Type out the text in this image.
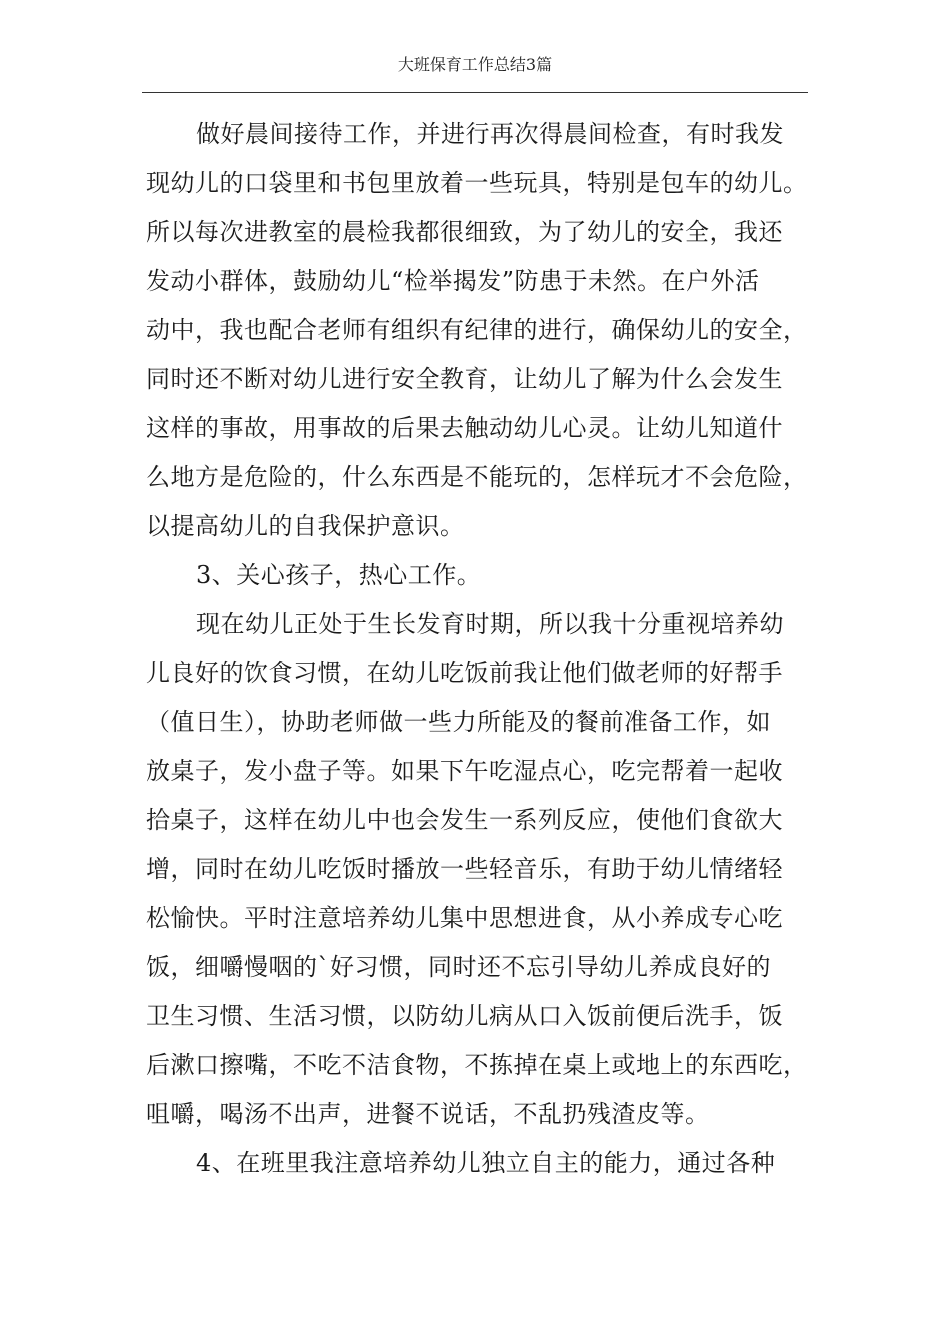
大班保育工作总结3篇
做好晨间接待工作，并进行再次得晨间检查，有时我发
现幼儿的口袋里和书包里放着一些玩具，特别是包车的幼儿。
所以每次进教室的晨检我都很细致，为了幼儿的安全，我还
发动小群体，鼓励幼儿“检举揭发”防患于未然。在户外活
动中，我也配合老师有组织有纪律的进行，确保幼儿的安全，
同时还不断对幼儿进行安全教育，让幼儿了解为什么会发生
这样的事故，用事故的后果去触动幼儿心灵。让幼儿知道什
么地方是危险的，什么东西是不能玩的，怎样玩才不会危险，
以提高幼儿的自我保护意识。
3、关心孩子，热心工作。
现在幼儿正处于生长发育时期，所以我十分重视培养幼
儿良好的饮食习惯，在幼儿吃饭前我让他们做老师的好帮手
（值日生），协助老师做一些力所能及的餐前准备工作，如
放桌子，发小盘子等。如果下午吃湿点心，吃完帮着一起收
拾桌子，这样在幼儿中也会发生一系列反应，使他们食欲大
增，同时在幼儿吃饭时播放一些轻音乐，有助于幼儿情绪轻
松愉快。平时注意培养幼儿集中思想进食，从小养成专心吃
饭，细嚼慢咽的`好习惯，同时还不忘引导幼儿养成良好的
卫生习惯、生活习惯，以防幼儿病从口入饭前便后洗手，饭
后漱口擦嘴，不吃不洁食物，不拣掉在桌上或地上的东西吃，
咀嚼，喝汤不出声，进餐不说话，不乱扔残渣皮等。
4、在班里我注意培养幼儿独立自主的能力，通过各种
